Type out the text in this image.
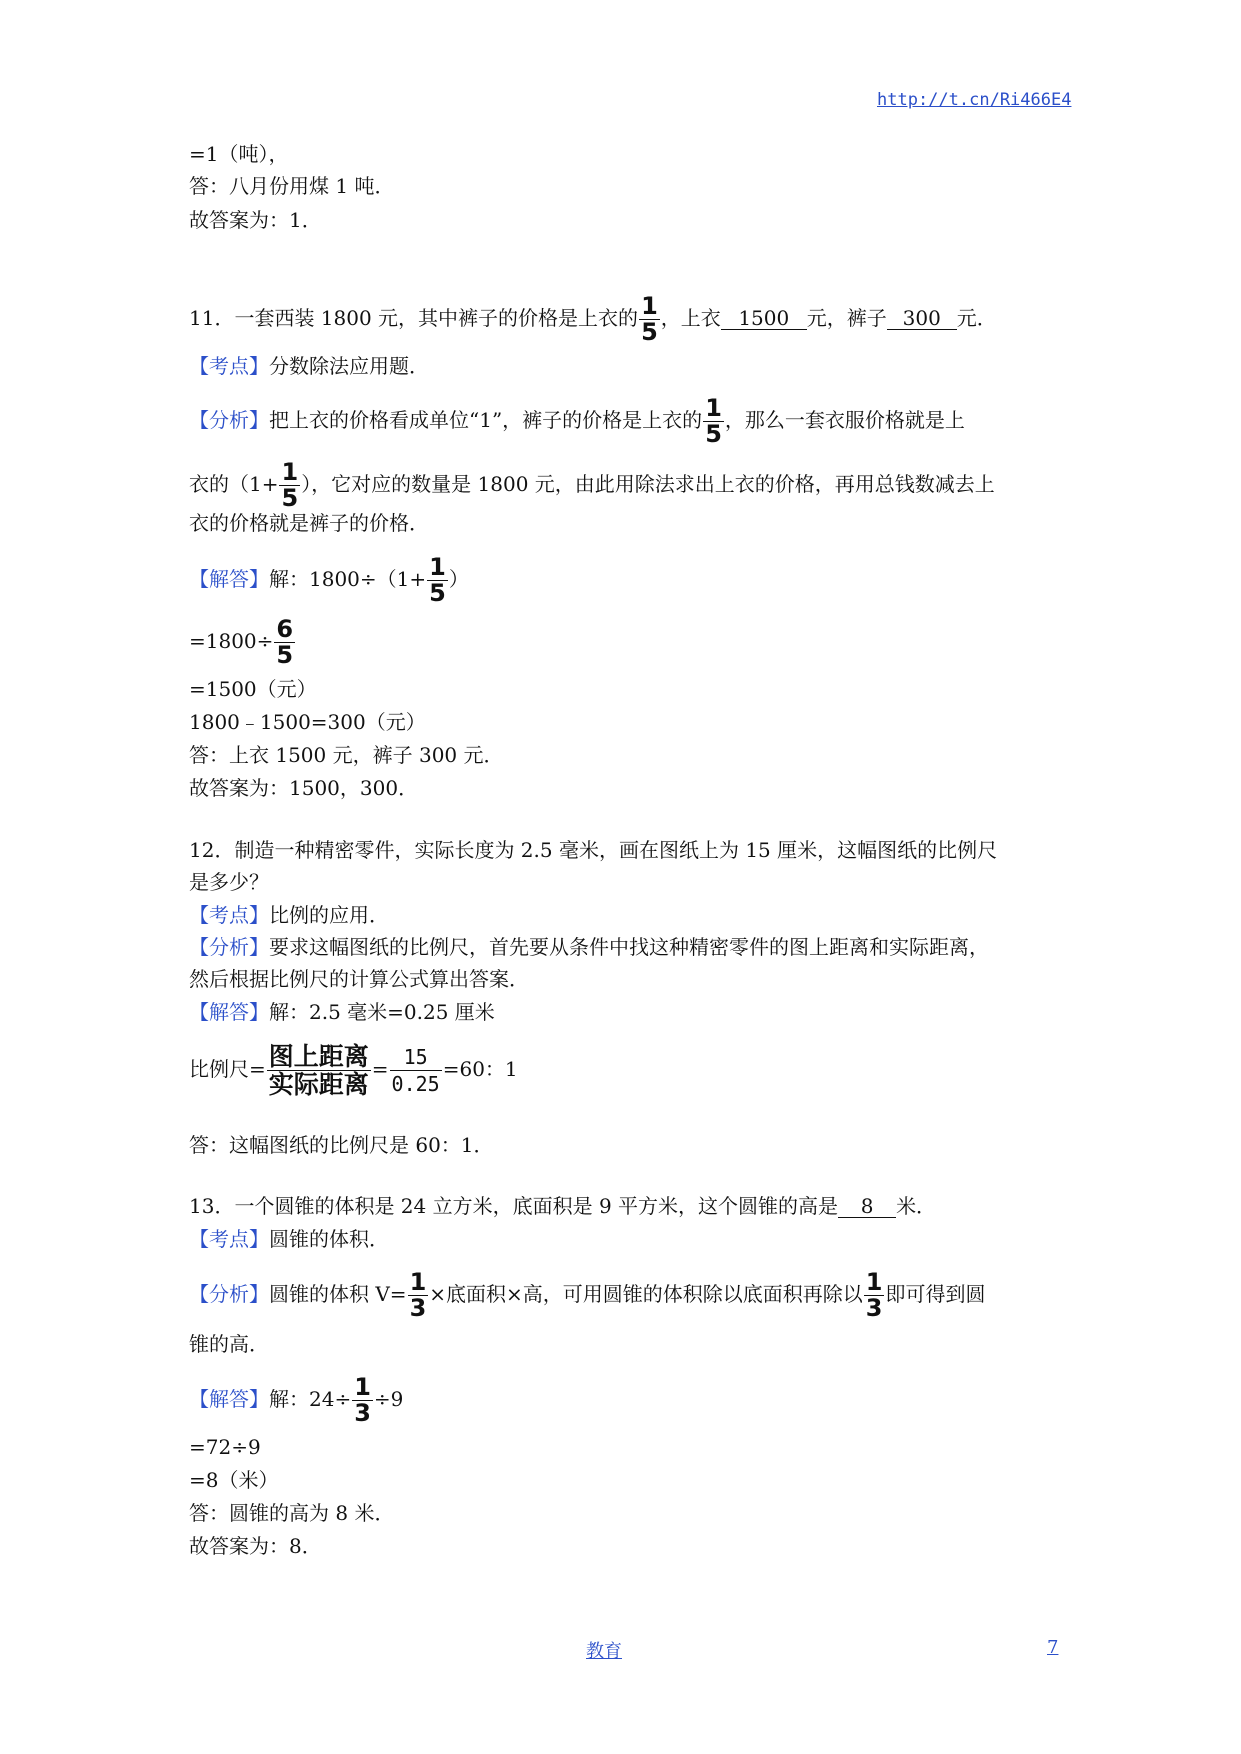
http://t.cn/Ri466E4
=1（吨），
答：八月份用煤 1 吨．
故答案为：1．
11．一套西装 1800 元，其中裤子的价格是上衣的 $\frac{1}{5}$ ，上衣 1500 元，裤子 300 元．
【考点】分数除法应用题．
【分析】把上衣的价格看成单位“1”，裤子的价格是上衣的 $\frac{1}{5}$ ，那么一套衣服价格就是上
衣的（$1+ \frac{1}{5}$ ），它对应的数量是 1800 元，由此用除法求出上衣的价格，再用总钱数减去上
衣的价格就是裤子的价格．
【解答】解：$1800\div(1+ \frac{1}{5}$ ）
$=1800\div \frac{6}{5}$
=1500（元）
1800﹣1500=300（元）
答：上衣 1500 元，裤子 300 元．
故答案为：1500，300．
12．制造一种精密零件，实际长度为 2.5 毫米，画在图纸上为 15 厘米，这幅图纸的比例尺
是多少？
【考点】比例的应用．
【分析】要求这幅图纸的比例尺，首先要从条件中找这种精密零件的图上距离和实际距离，
然后根据比例尺的计算公式算出答案．
【解答】解：2.5 毫米=0.25 厘米
比例尺= $\frac{\text{图上距离}}{\text{实际距离}} = \frac{15}{0.25} =60$：1
答：这幅图纸的比例尺是 60：1．
13．一个圆锥的体积是 24 立方米，底面积是 9 平方米，这个圆锥的高是 8 米．
【考点】圆锥的体积．
【分析】圆锥的体积 $V= \frac{1}{3}$ ×底面积×高，可用圆锥的体积除以底面积再除以 $\frac{1}{3}$ 即可得到圆
锥的高．
【解答】解：$24\div \frac{1}{3} \div 9$
=72÷9
=8（米）
答：圆锥的高为 8 米．
故答案为：8．
教育	7
